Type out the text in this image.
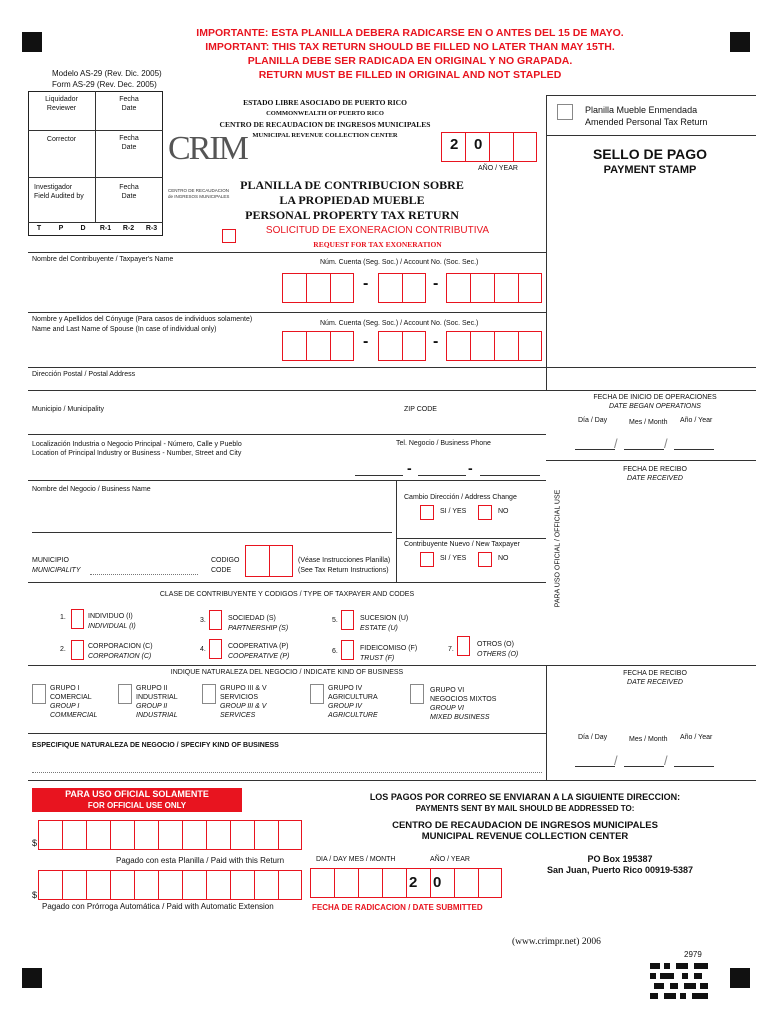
IMPORTANTE: ESTA PLANILLA DEBERA RADICARSE EN O ANTES DEL 15 DE MAYO.
IMPORTANT: THIS TAX RETURN SHOULD BE FILLED NO LATER THAN MAY 15TH.
PLANILLA DEBE SER RADICADA EN ORIGINAL Y NO GRAPADA.
RETURN MUST BE FILLED IN ORIGINAL AND NOT STAPLED
Modelo AS-29 (Rev. Dic. 2005)
Form AS-29 (Rev. Dec. 2005)
Liquidador
Reviewer
Fecha
Date
Corrector	Fecha
Date
Investigador
Field Audited by
Fecha
Date
T	P	D	R-1	R-2	R-3
CRIM
CENTRO DE RECAUDACION
de INGRESOS MUNICIPALES
ESTADO LIBRE ASOCIADO DE PUERTO RICO
COMMONWEALTH OF PUERTO RICO
CENTRO DE RECAUDACION DE INGRESOS MUNICIPALES
MUNICIPAL REVENUE COLLECTION CENTER
PLANILLA DE CONTRIBUCION SOBRE
LA PROPIEDAD MUEBLE
PERSONAL PROPERTY TAX RETURN
SOLICITUD DE EXONERACION CONTRIBUTIVA
REQUEST FOR TAX EXONERATION
2 0
AÑO / YEAR
Planilla Mueble Enmendada
Amended Personal Tax Return
SELLO DE PAGO
PAYMENT STAMP
Nombre del Contribuyente / Taxpayer's Name	Núm. Cuenta (Seg. Soc.) / Account No. (Soc. Sec.)
-	-
Nombre y Apellidos del Cónyuge (Para casos de individuos solamente)
Name and Last Name of Spouse (In case of individual only)
Núm. Cuenta (Seg. Soc.) / Account No. (Soc. Sec.)
-	-
Dirección Postal / Postal Address
Municipio / Municipality	ZIP CODE
FECHA DE INICIO DE OPERACIONES
DATE BEGAN OPERATIONS
Día / Day	Mes / Month Año / Year
/	/
Localización Industria o Negocio Principal - Número, Calle y Pueblo
Location of Principal Industry or Business - Number, Street and City
Tel. Negocio / Business Phone
-	-
Nombre del Negocio / Business Name
FECHA DE RECIBO
DATE RECEIVED
PARA USO OFICIAL / OFFICIAL USE
Cambio Dirección / Address Change
SI / YES	NO
Contribuyente Nuevo / New Taxpayer
SI / YES	NO
MUNICIPIO
MUNICIPALITY
CODIGO
CODE
(Véase Instrucciones Planilla)
(See Tax Return Instructions)
CLASE DE CONTRIBUYENTE Y CODIGOS / TYPE OF TAXPAYER AND CODES
1.	INDIVIDUO (I)
INDIVIDUAL (I)
3.	SOCIEDAD (S)
PARTNERSHIP (S)
5.	SUCESION (U)
ESTATE (U)
2.	CORPORACION (C)
CORPORATION (C)
4.	COOPERATIVA (P)
COOPERATIVE (P)
6.	FIDEICOMISO (F)
TRUST (F)
7.
OTROS (O)
OTHERS (O)
INDIQUE NATURALEZA DEL NEGOCIO / INDICATE KIND OF BUSINESS	FECHA DE RECIBO
DATE RECEIVED
GRUPO I
COMERCIAL
GROUP I
COMMERCIAL
GRUPO II
INDUSTRIAL
GROUP II
INDUSTRIAL
GRUPO III & V
SERVICIOS
GROUP III & V
SERVICES
GRUPO IV
AGRICULTURA
GROUP IV
AGRICULTURE
GRUPO VI
NEGOCIOS MIXTOS
GROUP VI
MIXED BUSINESS
ESPECIFIQUE NATURALEZA DE NEGOCIO / SPECIFY KIND OF BUSINESS
Día / Day	Mes / Month Año / Year
/	/
PARA USO OFICIAL SOLAMENTE
FOR OFFICIAL USE ONLY
$
Pagado con esta Planilla / Paid with this Return
$
Pagado con Prórroga Automática / Paid with Automatic Extension
LOS PAGOS POR CORREO SE ENVIARAN A LA SIGUIENTE DIRECCION:
PAYMENTS SENT BY MAIL SHOULD BE ADDRESSED TO:
CENTRO DE RECAUDACION DE INGRESOS MUNICIPALES
MUNICIPAL REVENUE COLLECTION CENTER
DIA / DAY MES / MONTH	AÑO / YEAR	PO Box 195387
San Juan, Puerto Rico 00919-5387
2 0
FECHA DE RADICACION / DATE SUBMITTED
(www.crimpr.net) 2006
2979
